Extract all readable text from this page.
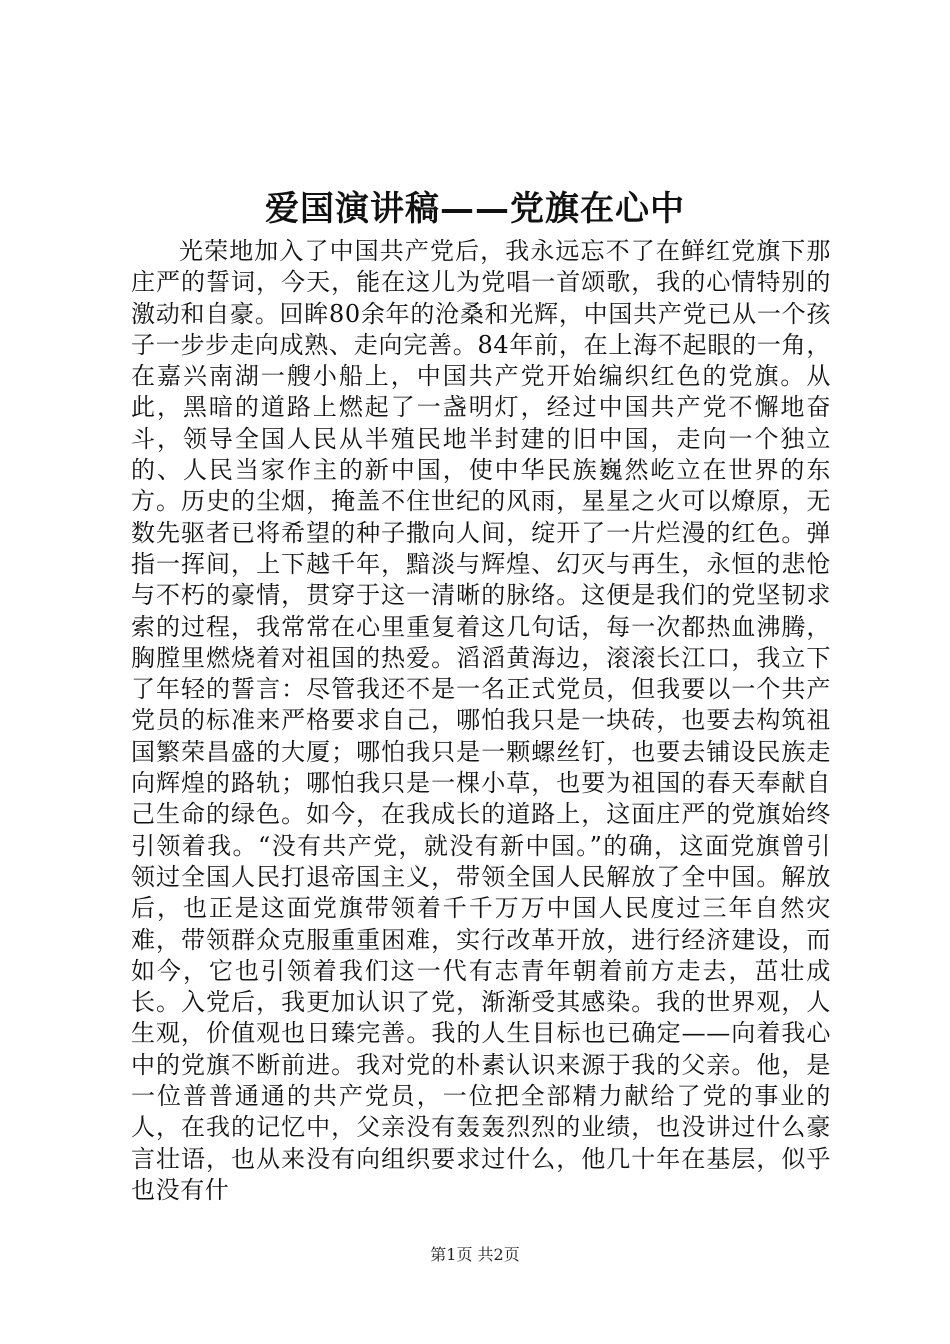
爱国演讲稿——党旗在心中

光荣地加入了中国共产党后，我永远忘不了在鲜红党旗下那庄严的誓词，今天，能在这儿为党唱一首颂歌，我的心情特别的激动和自豪。回眸80余年的沧桑和光辉，中国共产党已从一个孩子一步步走向成熟、走向完善。84年前，在上海不起眼的一角，在嘉兴南湖一艘小船上，中国共产党开始编织红色的党旗。从此，黑暗的道路上燃起了一盏明灯，经过中国共产党不懈地奋斗，领导全国人民从半殖民地半封建的旧中国，走向一个独立的、人民当家作主的新中国，使中华民族巍然屹立在世界的东方。历史的尘烟，掩盖不住世纪的风雨，星星之火可以燎原，无数先驱者已将希望的种子撒向人间，绽开了一片烂漫的红色。弹指一挥间，上下越千年，黯淡与辉煌、幻灭与再生，永恒的悲怆与不朽的豪情，贯穿于这一清晰的脉络。这便是我们的党坚韧求索的过程，我常常在心里重复着这几句话，每一次都热血沸腾，胸膛里燃烧着对祖国的热爱。滔滔黄海边，滚滚长江口，我立下了年轻的誓言：尽管我还不是一名正式党员，但我要以一个共产党员的标准来严格要求自己，哪怕我只是一块砖，也要去构筑祖国繁荣昌盛的大厦；哪怕我只是一颗螺丝钉，也要去铺设民族走向辉煌的路轨；哪怕我只是一棵小草，也要为祖国的春天奉献自己生命的绿色。如今，在我成长的道路上，这面庄严的党旗始终引领着我。“没有共产党，就没有新中国。”的确，这面党旗曾引领过全国人民打退帝国主义，带领全国人民解放了全中国。解放后，也正是这面党旗带领着千千万万中国人民度过三年自然灾难，带领群众克服重重困难，实行改革开放，进行经济建设，而如今，它也引领着我们这一代有志青年朝着前方走去，茁壮成长。入党后，我更加认识了党，渐渐受其感染。我的世界观，人生观，价值观也日臻完善。我的人生目标也已确定——向着我心中的党旗不断前进。我对党的朴素认识来源于我的父亲。他，是一位普普通通的共产党员，一位把全部精力献给了党的事业的人，在我的记忆中，父亲没有轰轰烈烈的业绩，也没讲过什么豪言壮语，也从来没有向组织要求过什么，他几十年在基层，似乎也没有什

第1页 共2页
